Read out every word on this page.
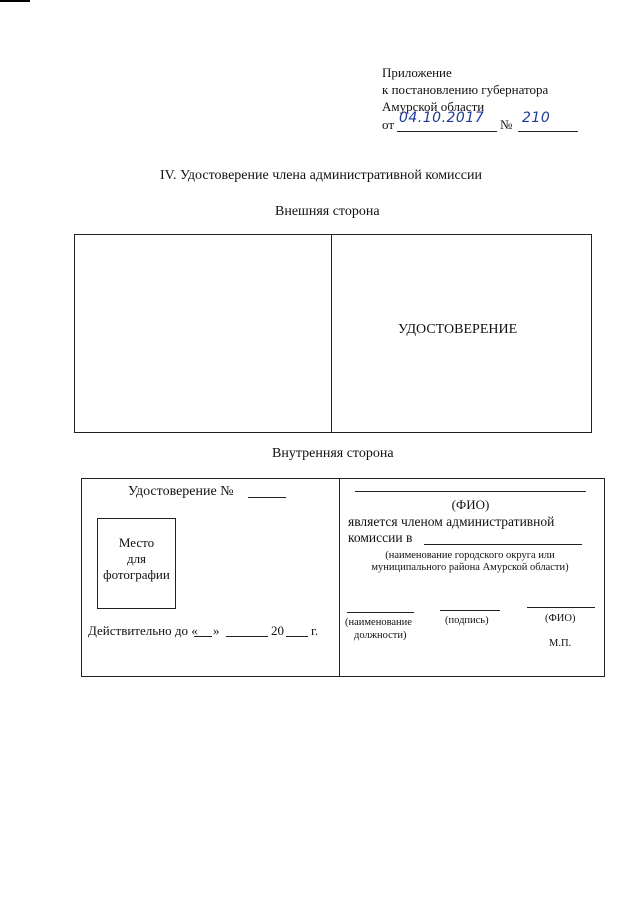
Приложение
к постановлению губернатора
Амурской области
от 04.10.2017 № 210
IV. Удостоверение члена административной комиссии
Внешняя сторона
УДОСТОВЕРЕНИЕ
Внутренняя сторона
Удостоверение №
Место
для
фотографии
Действительно до « »	20 г.
(ФИО)
является членом административной
комиссии в
(наименование городского округа или
муниципального района Амурской области)
(наименование
должности)
(подпись)	(ФИО)
М.П.
